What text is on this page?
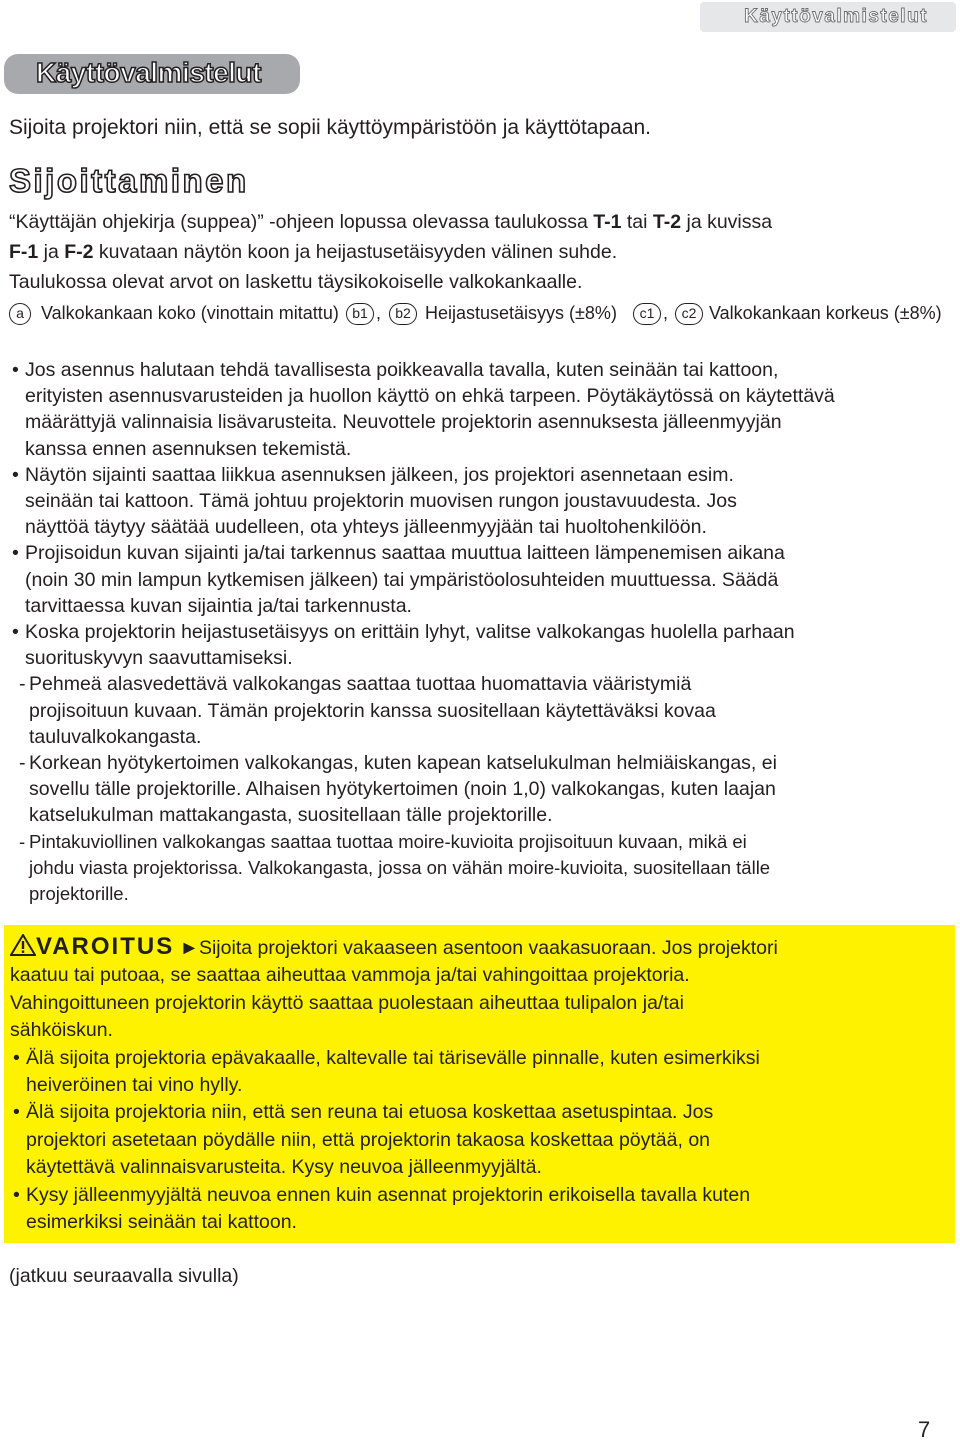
Käyttövalmistelut
Käyttövalmistelut
Sijoita projektori niin, että se sopii käyttöympäristöön ja käyttötapaan.
Sijoittaminen
“Käyttäjän ohjekirja (suppea)” -ohjeen lopussa olevassa taulukossa T-1 tai T-2 ja kuvissa
F-1 ja F-2 kuvataan näytön koon ja heijastusetäisyyden välinen suhde.
Taulukossa olevat arvot on laskettu täysikokoiselle valkokankaalle.
a Valkokankaan koko (vinottain mitattu) b1 ,	b2 Heijastusetäisyys (±8%)	c1 , c2 Valkokankaan korkeus (±8%)
• Jos asennus halutaan tehdä tavallisesta poikkeavalla tavalla, kuten seinään tai kattoon,
erityisten asennusvarusteiden ja huollon käyttö on ehkä tarpeen. Pöytäkäytössä on käytettävä
määrättyjä valinnaisia lisävarusteita. Neuvottele projektorin asennuksesta jälleenmyyjän
kanssa ennen asennuksen tekemistä.
• Näytön sijainti saattaa liikkua asennuksen jälkeen, jos projektori asennetaan esim.
seinään tai kattoon. Tämä johtuu projektorin muovisen rungon joustavuudesta. Jos
näyttöä täytyy säätää uudelleen, ota yhteys jälleenmyyjään tai huoltohenkilöön.
• Projisoidun kuvan sijainti ja/tai tarkennus saattaa muuttua laitteen lämpenemisen aikana
(noin 30 min lampun kytkemisen jälkeen) tai ympäristöolosuhteiden muuttuessa. Säädä
tarvittaessa kuvan sijaintia ja/tai tarkennusta.
• Koska projektorin heijastusetäisyys on erittäin lyhyt, valitse valkokangas huolella parhaan
suorituskyvyn saavuttamiseksi.
- Pehmeä alasvedettävä valkokangas saattaa tuottaa huomattavia vääristymiä
projisoituun kuvaan. Tämän projektorin kanssa suositellaan käytettäväksi kovaa
tauluvalkokangasta.
- Korkean hyötykertoimen valkokangas, kuten kapean katselukulman helmiäiskangas, ei
sovellu tälle projektorille. Alhaisen hyötykertoimen (noin 1,0) valkokangas, kuten laajan
katselukulman mattakangasta, suositellaan tälle projektorille.
- Pintakuviollinen valkokangas saattaa tuottaa moire-kuvioita projisoituun kuvaan, mikä ei
johdu viasta projektorissa. Valkokangasta, jossa on vähän moire-kuvioita, suositellaan tälle
projektorille.
VAROITUS ►Sijoita projektori vakaaseen asentoon vaakasuoraan. Jos projektori
kaatuu tai putoaa, se saattaa aiheuttaa vammoja ja/tai vahingoittaa projektoria.
Vahingoittuneen projektorin käyttö saattaa puolestaan aiheuttaa tulipalon ja/tai
sähköiskun.
• Älä sijoita projektoria epävakaalle, kaltevalle tai tärisevälle pinnalle, kuten esimerkiksi
heiveröinen tai vino hylly.
• Älä sijoita projektoria niin, että sen reuna tai etuosa koskettaa asetuspintaa. Jos
projektori asetetaan pöydälle niin, että projektorin takaosa koskettaa pöytää, on
käytettävä valinnaisvarusteita. Kysy neuvoa jälleenmyyjältä.
• Kysy jälleenmyyjältä neuvoa ennen kuin asennat projektorin erikoisella tavalla kuten
esimerkiksi seinään tai kattoon.
(jatkuu seuraavalla sivulla)
7
